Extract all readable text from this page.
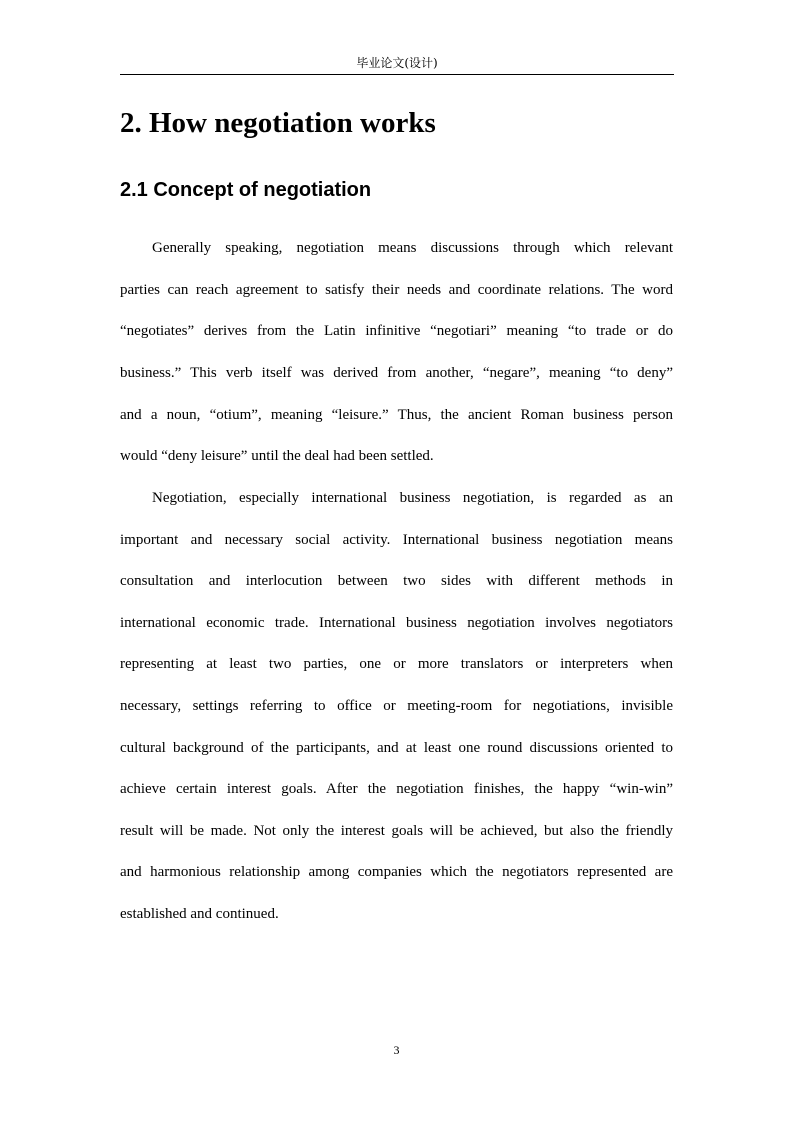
毕业论文(设计)
2. How negotiation works
2.1 Concept of negotiation

Generally speaking, negotiation means discussions through which relevant

parties can reach agreement to satisfy their needs and coordinate relations. The word

“negotiates” derives from the Latin infinitive “negotiari” meaning “to trade or do

business.” This verb itself was derived from another, “negare”, meaning “to deny”

and a noun, “otium”, meaning “leisure.” Thus, the ancient Roman business person

would “deny leisure” until the deal had been settled.

Negotiation, especially international business negotiation, is regarded as an

important and necessary social activity. International business negotiation means

consultation and interlocution between two sides with different methods in

international economic trade. International business negotiation involves negotiators

representing at least two parties, one or more translators or interpreters when

necessary, settings referring to office or meeting-room for negotiations, invisible

cultural background of the participants, and at least one round discussions oriented to

achieve certain interest goals. After the negotiation finishes, the happy “win-win”

result will be made. Not only the interest goals will be achieved, but also the friendly

and harmonious relationship among companies which the negotiators represented are

established and continued.

3
